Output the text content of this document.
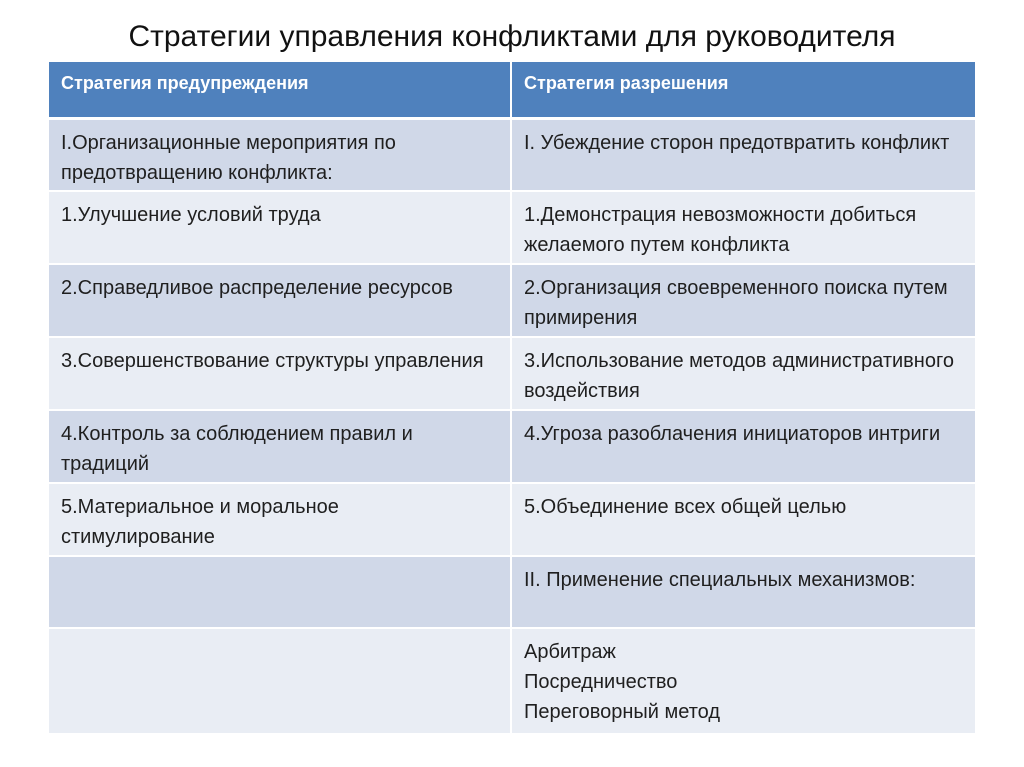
Стратегии управления конфликтами для руководителя
Стратегия предупреждения	Стратегия разрешения
I.Организационные мероприятия по предотвращению конфликта:	I. Убеждение сторон предотвратить конфликт
1.Улучшение условий труда	1.Демонстрация невозможности добиться желаемого путем конфликта
2.Справедливое распределение ресурсов	2.Организация своевременного поиска путем примирения
3.Совершенствование структуры управления	3.Использование методов административного воздействия
4.Контроль за соблюдением правил и традиций	4.Угроза разоблачения инициаторов интриги
5.Материальное и моральное стимулирование	5.Объединение всех общей целью
	II. Применение специальных механизмов:

	Арбитраж
Посредничество
Переговорный метод
